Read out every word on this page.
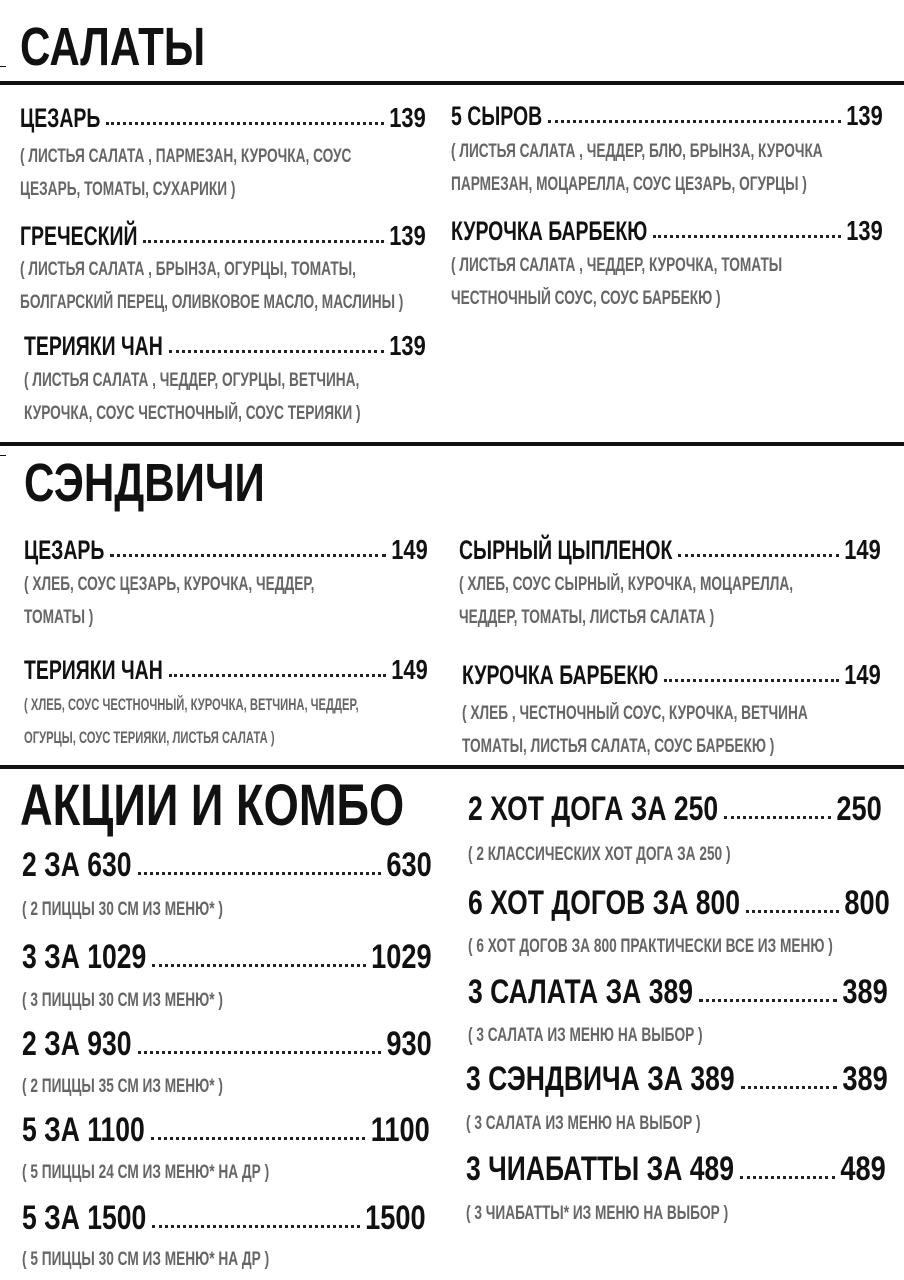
САЛАТЫ
ЦЕЗАРЬ	139
( ЛИСТЬЯ САЛАТА , ПАРМЕЗАН, КУРОЧКА, СОУС
ЦЕЗАРЬ, ТОМАТЫ, СУХАРИКИ )
ГРЕЧЕСКИЙ	139
( ЛИСТЬЯ САЛАТА , БРЫНЗА, ОГУРЦЫ, ТОМАТЫ,
БОЛГАРСКИЙ ПЕРЕЦ, ОЛИВКОВОЕ МАСЛО, МАСЛИНЫ )
ТЕРИЯКИ ЧАН	139
( ЛИСТЬЯ САЛАТА , ЧЕДДЕР, ОГУРЦЫ, ВЕТЧИНА,
КУРОЧКА, СОУС ЧЕСТНОЧНЫЙ, СОУС ТЕРИЯКИ )
5 СЫРОВ	139
( ЛИСТЬЯ САЛАТА , ЧЕДДЕР, БЛЮ, БРЫНЗА, КУРОЧКА
ПАРМЕЗАН, МОЦАРЕЛЛА, СОУС ЦЕЗАРЬ, ОГУРЦЫ )
КУРОЧКА БАРБЕКЮ	139
( ЛИСТЬЯ САЛАТА , ЧЕДДЕР, КУРОЧКА, ТОМАТЫ
ЧЕСТНОЧНЫЙ СОУС, СОУС БАРБЕКЮ )
СЭНДВИЧИ
ЦЕЗАРЬ	149
( ХЛЕБ, СОУС ЦЕЗАРЬ, КУРОЧКА, ЧЕДДЕР,
ТОМАТЫ )
ТЕРИЯКИ ЧАН	149
( ХЛЕБ, СОУС ЧЕСТНОЧНЫЙ, КУРОЧКА, ВЕТЧИНА, ЧЕДДЕР,
ОГУРЦЫ, СОУС ТЕРИЯКИ, ЛИСТЬЯ САЛАТА )
СЫРНЫЙ ЦЫПЛЕНОК	149
( ХЛЕБ, СОУС СЫРНЫЙ, КУРОЧКА, МОЦАРЕЛЛА,
ЧЕДДЕР, ТОМАТЫ, ЛИСТЬЯ САЛАТА )
КУРОЧКА БАРБЕКЮ	149
( ХЛЕБ , ЧЕСТНОЧНЫЙ СОУС, КУРОЧКА, ВЕТЧИНА
ТОМАТЫ, ЛИСТЬЯ САЛАТА, СОУС БАРБЕКЮ )
АКЦИИ И КОМБО
2 ЗА 630	630
( 2 ПИЦЦЫ 30 СМ ИЗ МЕНЮ* )
3 ЗА 1029	1029
( 3 ПИЦЦЫ 30 СМ ИЗ МЕНЮ* )
2 ЗА 930	930
( 2 ПИЦЦЫ 35 СМ ИЗ МЕНЮ* )
5 ЗА 1100	1100
( 5 ПИЦЦЫ 24 СМ ИЗ МЕНЮ* НА ДР )
5 ЗА 1500	1500
( 5 ПИЦЦЫ 30 СМ ИЗ МЕНЮ* НА ДР )
2 ХОТ ДОГА ЗА 250	250
( 2 КЛАССИЧЕСКИХ ХОТ ДОГА ЗА 250 )
6 ХОТ ДОГОВ ЗА 800	800
( 6 ХОТ ДОГОВ ЗА 800 ПРАКТИЧЕСКИ ВСЕ ИЗ МЕНЮ )
3 САЛАТА ЗА 389	389
( 3 САЛАТА ИЗ МЕНЮ НА ВЫБОР )
3 СЭНДВИЧА ЗА 389	389
( 3 САЛАТА ИЗ МЕНЮ НА ВЫБОР )
3 ЧИАБАТТЫ ЗА 489	489
( 3 ЧИАБАТТЫ* ИЗ МЕНЮ НА ВЫБОР )
